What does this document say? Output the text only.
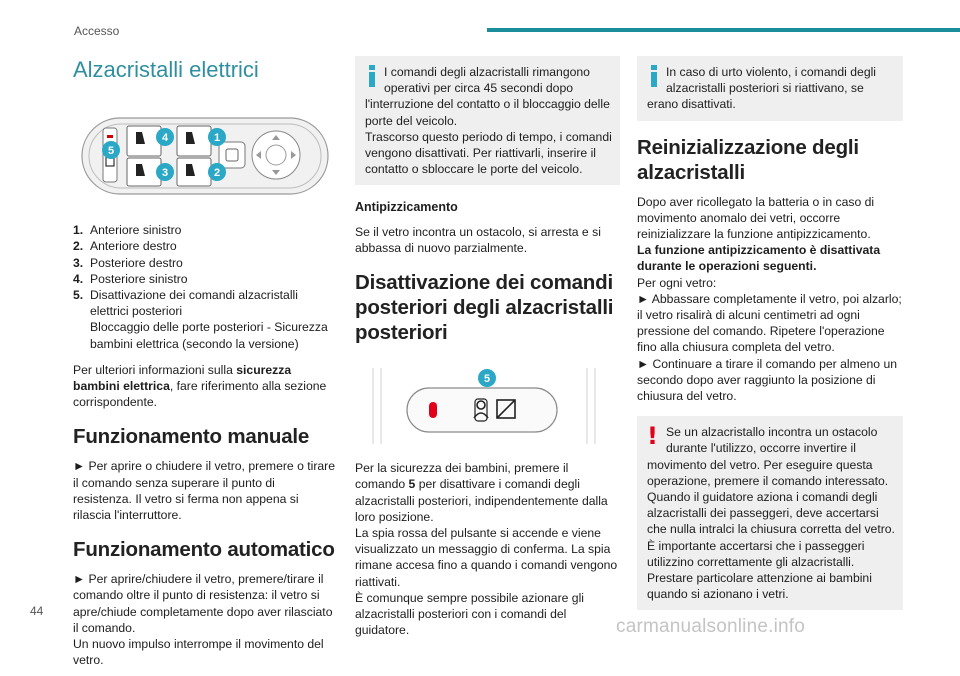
Accesso
Alzacristalli elettrici
5
4
3
1
2
1. Anteriore sinistro
2. Anteriore destro
3. Posteriore destro
4. Posteriore sinistro
5. Disattivazione dei comandi alzacristalli elettrici posteriori
Bloccaggio delle porte posteriori - Sicurezza bambini elettrica (secondo la versione)

Per ulteriori informazioni sulla sicurezza bambini elettrica, fare riferimento alla sezione corrispondente.

Funzionamento manuale

► Per aprire o chiudere il vetro, premere o tirare il comando senza superare il punto di resistenza. Il vetro si ferma non appena si rilascia l'interruttore.

Funzionamento automatico

► Per aprire/chiudere il vetro, premere/tirare il comando oltre il punto di resistenza: il vetro si apre/chiude completamente dopo aver rilasciato il comando.

Un nuovo impulso interrompe il movimento del vetro.

I comandi degli alzacristalli rimangono operativi per circa 45 secondi dopo l'interruzione del contatto o il bloccaggio delle porte del veicolo.

Trascorso questo periodo di tempo, i comandi vengono disattivati. Per riattivarli, inserire il contatto o sbloccare le porte del veicolo.

Antipizzicamento

Se il vetro incontra un ostacolo, si arresta e si abbassa di nuovo parzialmente.

Disattivazione dei comandi posteriori degli alzacristalli posteriori
5

Per la sicurezza dei bambini, premere il comando 5 per disattivare i comandi degli alzacristalli posteriori, indipendentemente dalla loro posizione.

La spia rossa del pulsante si accende e viene visualizzato un messaggio di conferma. La spia rimane accesa fino a quando i comandi vengono riattivati.

È comunque sempre possibile azionare gli alzacristalli posteriori con i comandi del guidatore.

In caso di urto violento, i comandi degli alzacristalli posteriori si riattivano, se erano disattivati.

Reinizializzazione degli alzacristalli

Dopo aver ricollegato la batteria o in caso di movimento anomalo dei vetri, occorre reinizializzare la funzione antipizzicamento.

La funzione antipizzicamento è disattivata durante le operazioni seguenti.

Per ogni vetro:

► Abbassare completamente il vetro, poi alzarlo; il vetro risalirà di alcuni centimetri ad ogni pressione del comando. Ripetere l'operazione fino alla chiusura completa del vetro.

► Continuare a tirare il comando per almeno un secondo dopo aver raggiunto la posizione di chiusura del vetro.

! Se un alzacristallo incontra un ostacolo durante l'utilizzo, occorre invertire il movimento del vetro. Per eseguire questa operazione, premere il comando interessato.

Quando il guidatore aziona i comandi degli alzacristalli dei passeggeri, deve accertarsi che nulla intralci la chiusura corretta del vetro.

È importante accertarsi che i passeggeri utilizzino correttamente gli alzacristalli.

Prestare particolare attenzione ai bambini quando si azionano i vetri.

44
carmanualsonline.info
